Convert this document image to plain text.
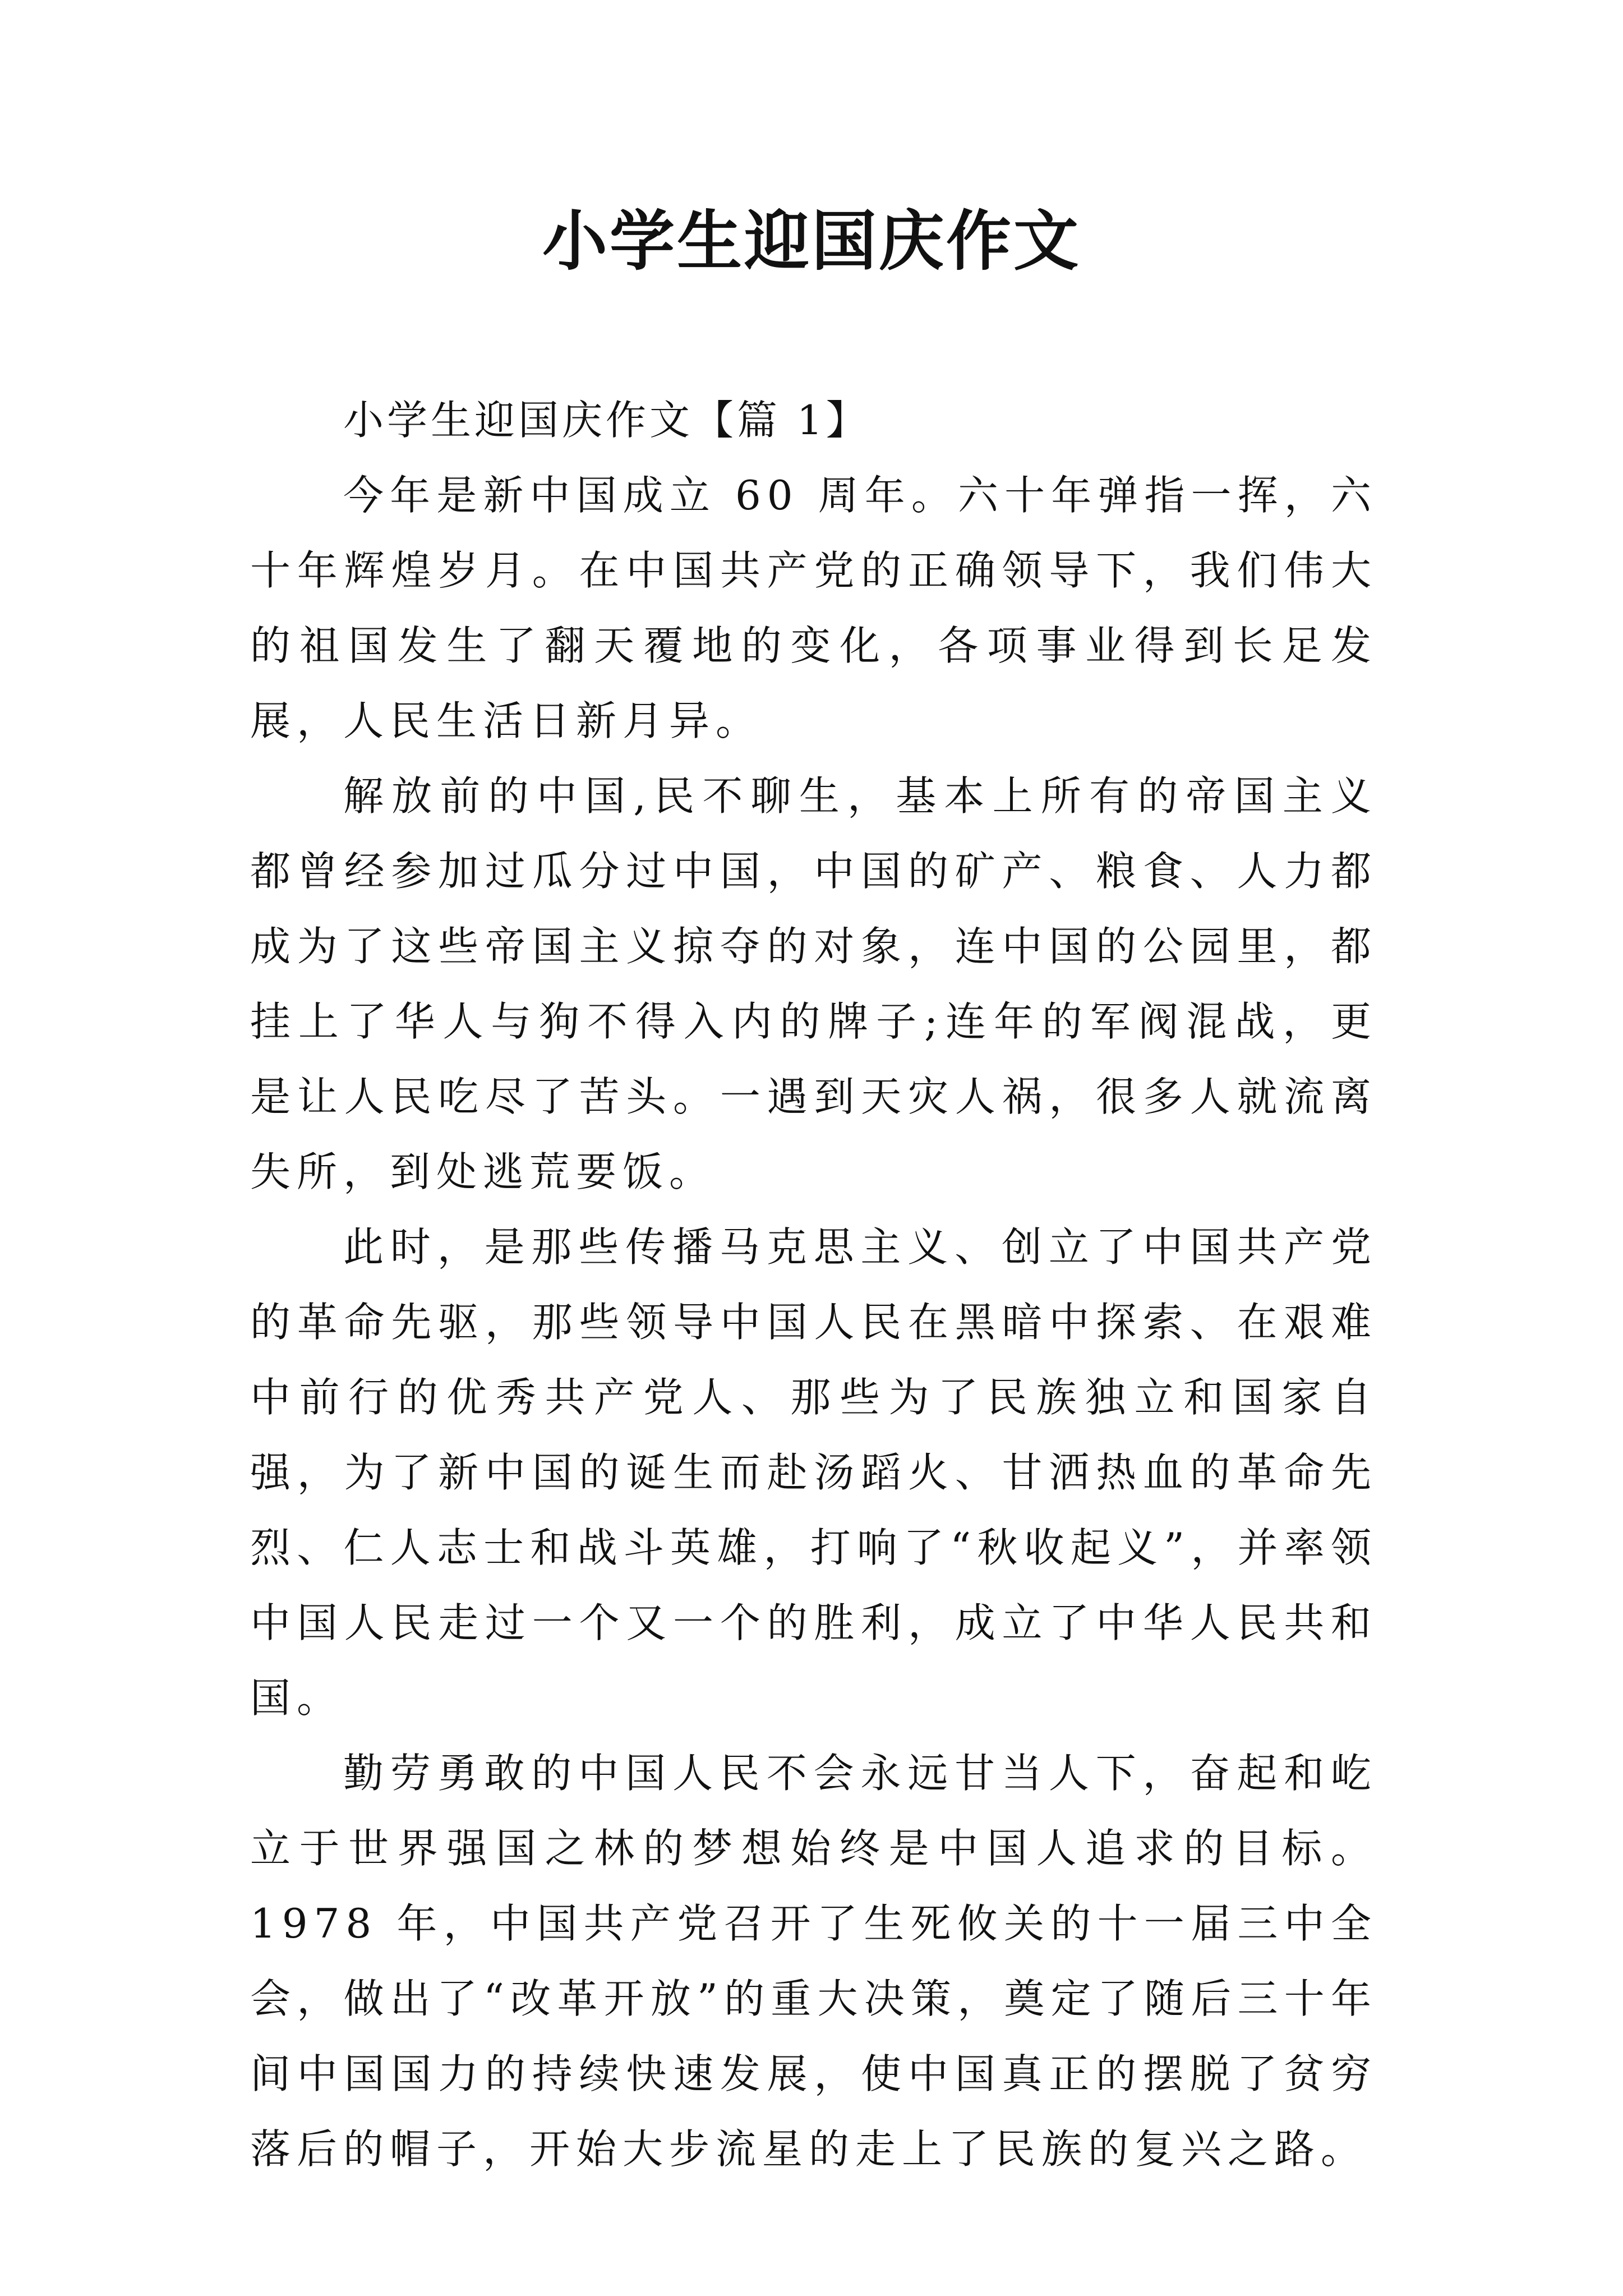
小学生迎国庆作文

小学生迎国庆作文【篇 1】

今年是新中国成立 60 周年。六十年弹指一挥，六十年辉煌岁月。在中国共产党的正确领导下，我们伟大的祖国发生了翻天覆地的变化，各项事业得到长足发展，人民生活日新月异。

解放前的中国,民不聊生，基本上所有的帝国主义都曾经参加过瓜分过中国，中国的矿产、粮食、人力都成为了这些帝国主义掠夺的对象，连中国的公园里，都挂上了华人与狗不得入内的牌子;连年的军阀混战，更是让人民吃尽了苦头。一遇到天灾人祸，很多人就流离失所，到处逃荒要饭。

此时，是那些传播马克思主义、创立了中国共产党的革命先驱，那些领导中国人民在黑暗中探索、在艰难中前行的优秀共产党人、那些为了民族独立和国家自强，为了新中国的诞生而赴汤蹈火、甘洒热血的革命先烈、仁人志士和战斗英雄，打响了“秋收起义”，并率领中国人民走过一个又一个的胜利，成立了中华人民共和国。

勤劳勇敢的中国人民不会永远甘当人下，奋起和屹立于世界强国之林的梦想始终是中国人追求的目标。1978 年，中国共产党召开了生死攸关的十一届三中全会，做出了“改革开放”的重大决策，奠定了随后三十年间中国国力的持续快速发展，使中国真正的摆脱了贫穷落后的帽子，开始大步流星的走上了民族的复兴之路。
